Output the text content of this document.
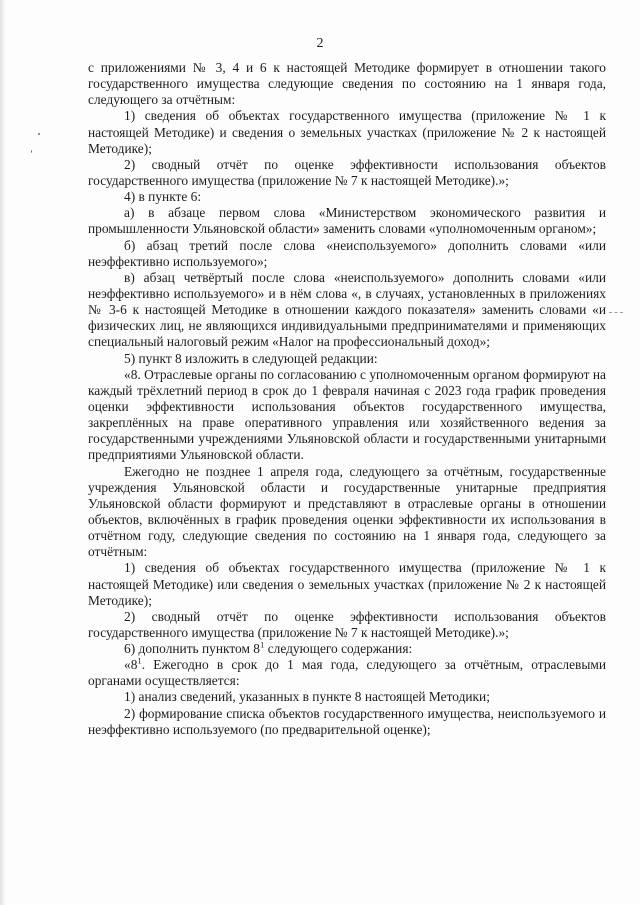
2

с приложениями № 3, 4 и 6 к настоящей Методике формирует в отношении такого государственного имущества следующие сведения по состоянию на 1 января года, следующего за отчётным:

1) сведения об объектах государственного имущества (приложение № 1 к настоящей Методике) и сведения о земельных участках (приложение № 2 к настоящей Методике);

2) сводный отчёт по оценке эффективности использования объектов государственного имущества (приложение № 7 к настоящей Методике).»;

4) в пункте 6:

а) в абзаце первом слова «Министерством экономического развития и промышленности Ульяновской области» заменить словами «уполномоченным органом»;

б) абзац третий после слова «неиспользуемого» дополнить словами «или неэффективно используемого»;

в) абзац четвёртый после слова «неиспользуемого» дополнить словами «или неэффективно используемого» и в нём слова «, в случаях, установленных в приложениях № 3-6 к настоящей Методике в отношении каждого показателя» заменить словами «и физических лиц, не являющихся индивидуальными предпринимателями и применяющих специальный налоговый режим «Налог на профессиональный доход»;

5) пункт 8 изложить в следующей редакции:

«8. Отраслевые органы по согласованию с уполномоченным органом формируют на каждый трёхлетний период в срок до 1 февраля начиная с 2023 года график проведения оценки эффективности использования объектов государственного имущества, закреплённых на праве оперативного управления или хозяйственного ведения за государственными учреждениями Ульяновской области и государственными унитарными предприятиями Ульяновской области.

Ежегодно не позднее 1 апреля года, следующего за отчётным, государственные учреждения Ульяновской области и государственные унитарные предприятия Ульяновской области формируют и представляют в отраслевые органы в отношении объектов, включённых в график проведения оценки эффективности их использования в отчётном году, следующие сведения по состоянию на 1 января года, следующего за отчётным:

1) сведения об объектах государственного имущества (приложение № 1 к настоящей Методике) или сведения о земельных участках (приложение № 2 к настоящей Методике);

2) сводный отчёт по оценке эффективности использования объектов государственного имущества (приложение № 7 к настоящей Методике).»;

6) дополнить пунктом $8^1$ следующего содержания:

«$8^1$. Ежегодно в срок до 1 мая года, следующего за отчётным, отраслевыми органами осуществляется:

1) анализ сведений, указанных в пункте 8 настоящей Методики;

2) формирование списка объектов государственного имущества, неиспользуемого и неэффективно используемого (по предварительной оценке);
